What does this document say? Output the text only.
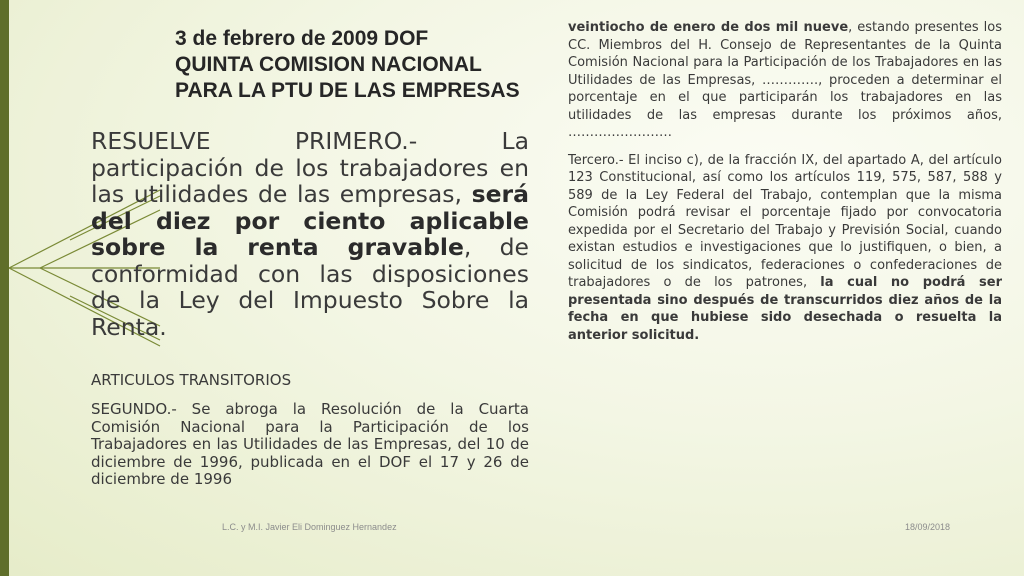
3 de febrero de 2009 DOF
QUINTA COMISION NACIONAL
PARA LA PTU DE LAS EMPRESAS
RESUELVE PRIMERO.- La participación de los trabajadores en las utilidades de las empresas, será del diez por ciento aplicable sobre la renta gravable, de conformidad con las disposiciones de la Ley del Impuesto Sobre la Renta.
ARTICULOS TRANSITORIOS
SEGUNDO.- Se abroga la Resolución de la Cuarta Comisión Nacional para la Participación de los Trabajadores en las Utilidades de las Empresas, del 10 de diciembre de 1996, publicada en el DOF el 17 y 26 de diciembre de 1996

veintiocho de enero de dos mil nueve, estando presentes los CC. Miembros del H. Consejo de Representantes de la Quinta Comisión Nacional para la Participación de los Trabajadores en las Utilidades de las Empresas, …………., proceden a determinar el porcentaje en el que participarán los trabajadores en las utilidades de las empresas durante los próximos años, ……………………

Tercero.- El inciso c), de la fracción IX, del apartado A, del artículo 123 Constitucional, así como los artículos 119, 575, 587, 588 y 589 de la Ley Federal del Trabajo, contemplan que la misma Comisión podrá revisar el porcentaje fijado por convocatoria expedida por el Secretario del Trabajo y Previsión Social, cuando existan estudios e investigaciones que lo justifiquen, o bien, a solicitud de los sindicatos, federaciones o confederaciones de trabajadores o de los patrones, la cual no podrá ser presentada sino después de transcurridos diez años de la fecha en que hubiese sido desechada o resuelta la anterior solicitud.

L.C. y M.I. Javier Eli Dominguez Hernandez	18/09/2018
